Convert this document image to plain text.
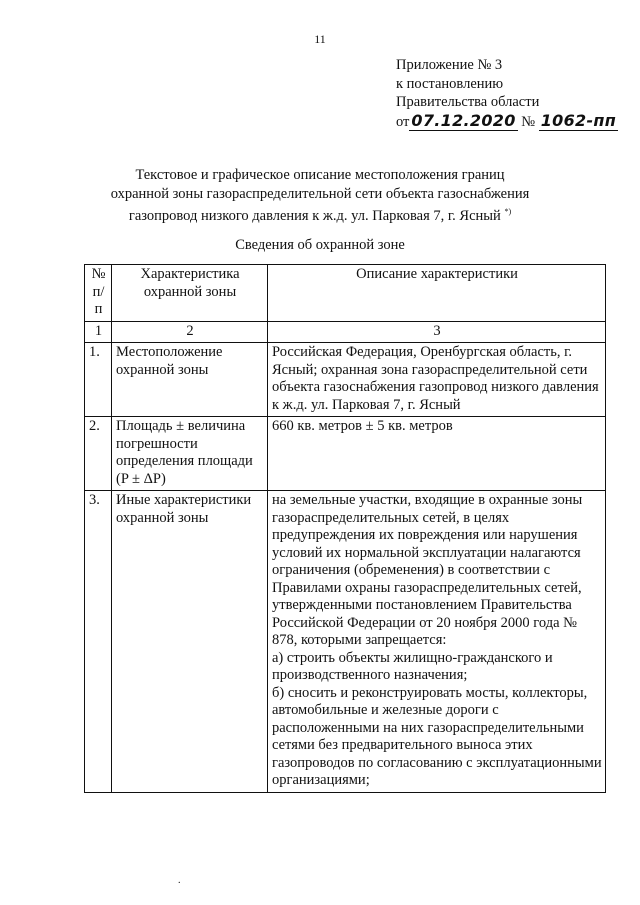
11
Приложение № 3
к постановлению
Правительства области
от 07.12.2020 № 1062-пп
Текстовое и графическое описание местоположения границ
охранной зоны газораспределительной сети объекта газоснабжения
газопровод низкого давления к ж.д. ул. Парковая 7, г. Ясный *)
Сведения об охранной зоне
№ п/п	Характеристика охранной зоны	Описание характеристики
1	2	3
1.	Местоположение охранной зоны	Российская Федерация, Оренбургская область, г. Ясный; охранная зона газораспределительной сети объекта газоснабжения газопровод низкого давления к ж.д. ул. Парковая 7, г. Ясный
2.	Площадь ± величина погрешности определения площади (P ± ΔP)	660 кв. метров ± 5 кв. метров
3.	Иные характеристики охранной зоны	на земельные участки, входящие в охранные зоны газораспределительных сетей, в целях предупреждения их повреждения или нарушения условий их нормальной эксплуатации налагаются ограничения (обременения) в соответствии с Правилами охраны газораспределительных сетей, утвержденными постановлением Правительства Российской Федерации от 20 ноября 2000 года № 878, которыми запрещается:
а) строить объекты жилищно-гражданского и производственного назначения;
б) сносить и реконструировать мосты, коллекторы, автомобильные и железные дороги с расположенными на них газораспределительными сетями без предварительного выноса этих газопроводов по согласованию с эксплуатационными организациями;
.
